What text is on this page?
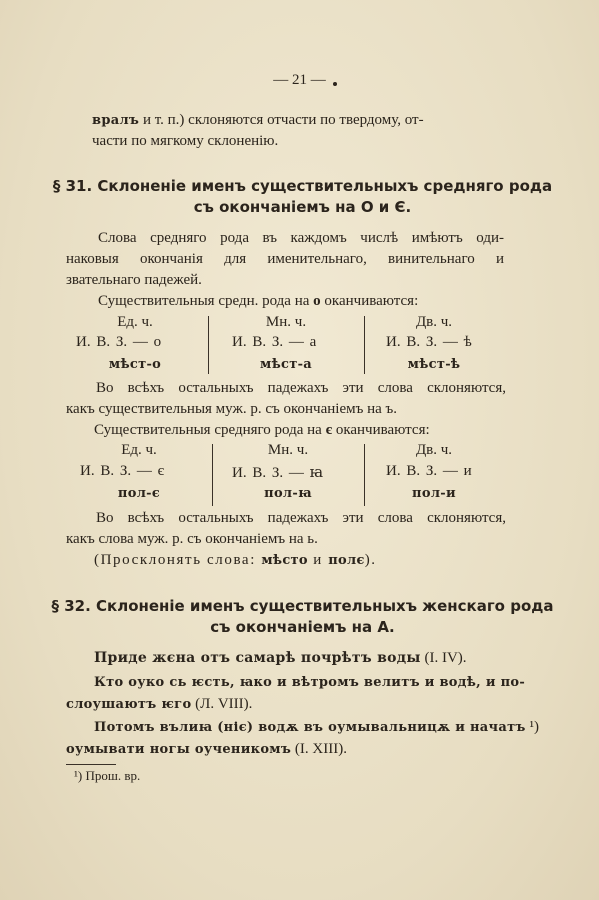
— 21 —
вралъ и т. п.) склоняются отчасти по твердому, от-
части по мягкому склоненію.
§ 31. Склоненіе именъ существительныхъ средняго рода
съ окончаніемъ на О и Є.
Слова средняго рода въ каждомъ числѣ имѣютъ оди-
наковыя окончанія для именительнаго, винительнаго и
звательнаго падежей.
Существительныя средн. рода на о оканчиваются:
Ед. ч.	Мн. ч.	Дв. ч.
И. В. З. — о	И. В. З. — а	И. В. З. — ѣ
мѣст-о	мѣст-а	мѣст-ѣ
Во всѣхъ остальныхъ падежахъ эти слова склоняются,
какъ существительныя муж. р. съ окончаніемъ на ъ.
Существительныя средняго рода на є оканчиваются:
Ед. ч.	Мн. ч.	Дв. ч.
И. В. З. — є	И. В. З. — ꙗ	И. В. З. — и
пол-є	пол-ꙗ	пол-и
Во всѣхъ остальныхъ падежахъ эти слова склоняются,
какъ слова муж. р. съ окончаніемъ на ь.
(Просклонять слова: мѣсто и полє).
§ 32. Склоненіе именъ существительныхъ женскаго рода
съ окончаніемъ на А.
Приде жєна отъ самарѣ почрѣтъ воды (I. IV).
Кто оуко сь ѥсть, ꙗко и вѣтромъ велитъ и водѣ, и по-
слоушаютъ ѥго (Л. VIII).
Потомъ вълиꙗ (ніє) водѫ въ оумывальницѫ и начатъ ¹)
оумывати ногы оученикомъ (I. XIII).
¹) Прош. вр.
